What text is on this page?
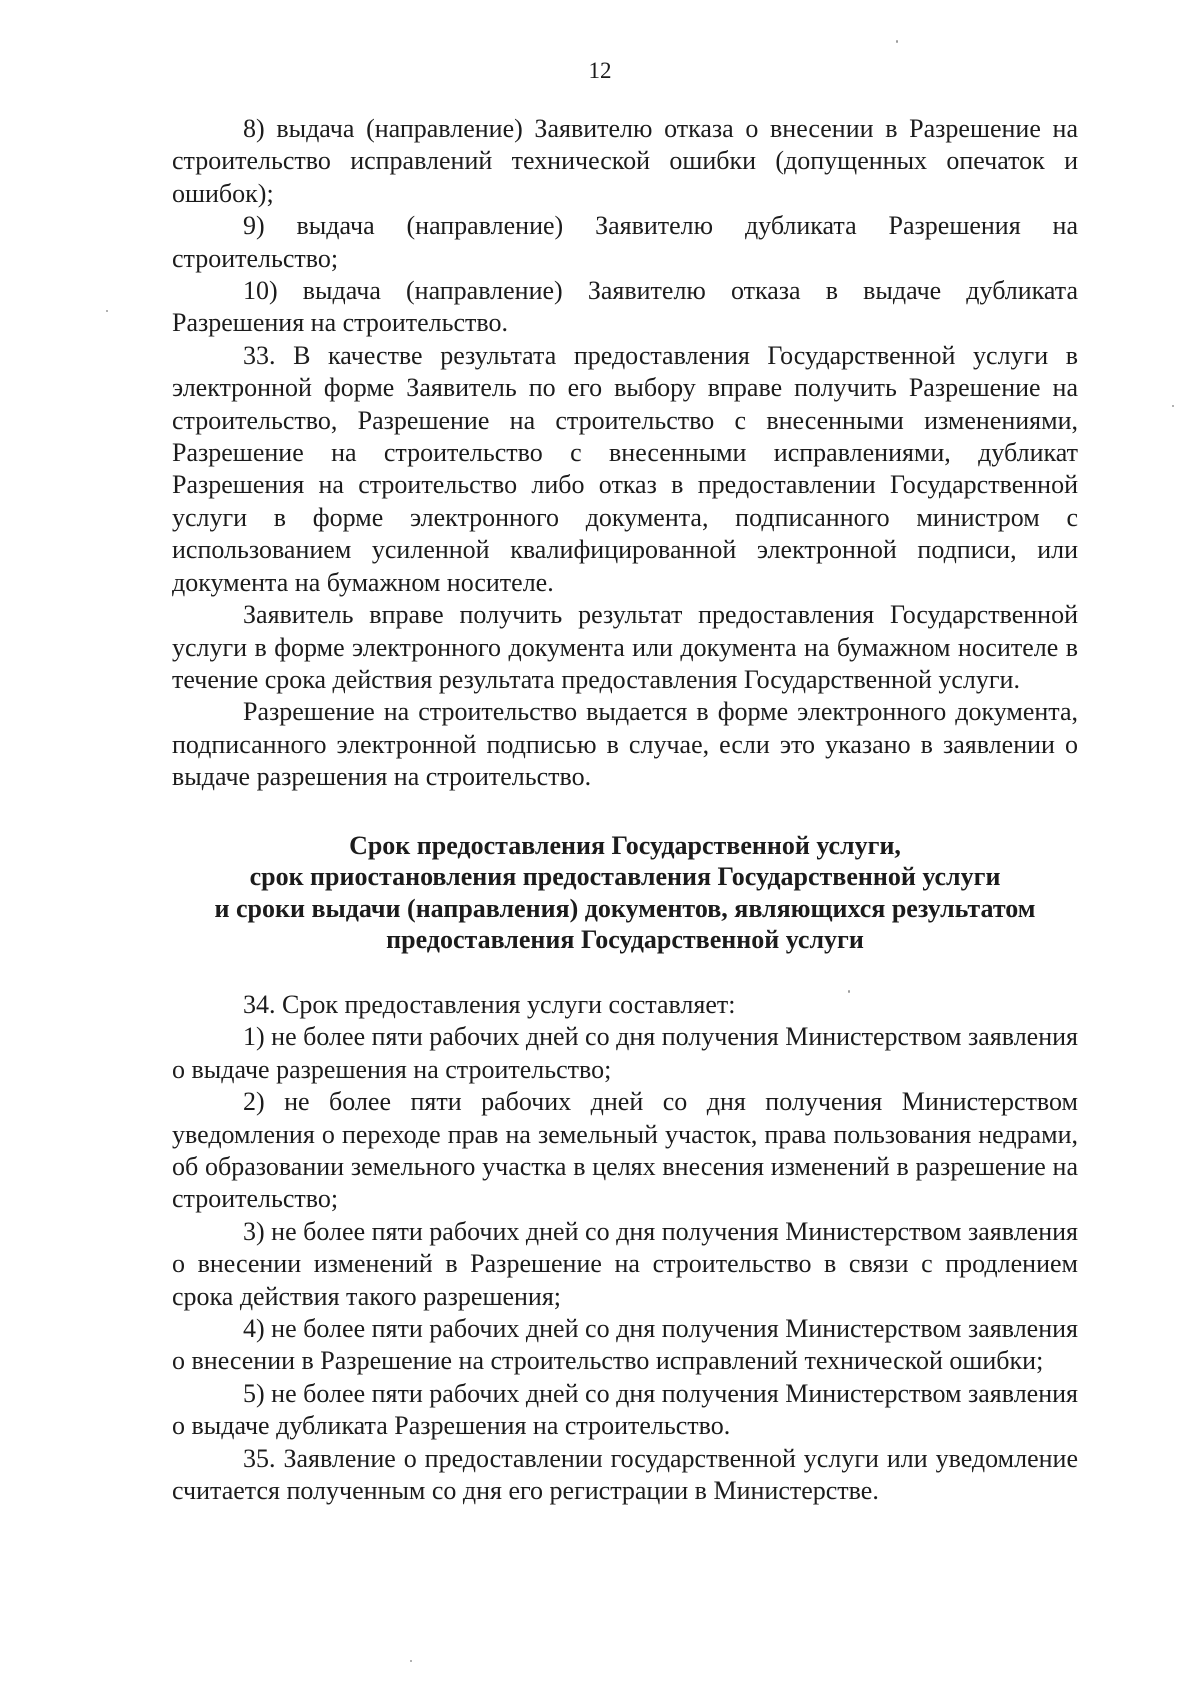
12

8) выдача (направление) Заявителю отказа о внесении в Разрешение на строительство исправлений технической ошибки (допущенных опечаток и ошибок);

9) выдача (направление) Заявителю дубликата Разрешения на строительство;

10) выдача (направление) Заявителю отказа в выдаче дубликата Разрешения на строительство.

33. В качестве результата предоставления Государственной услуги в электронной форме Заявитель по его выбору вправе получить Разрешение на строительство, Разрешение на строительство с внесенными изменениями, Разрешение на строительство с внесенными исправлениями, дубликат Разрешения на строительство либо отказ в предоставлении Государственной услуги в форме электронного документа, подписанного министром с использованием усиленной квалифицированной электронной подписи, или документа на бумажном носителе.

Заявитель вправе получить результат предоставления Государственной услуги в форме электронного документа или документа на бумажном носителе в течение срока действия результата предоставления Государственной услуги.

Разрешение на строительство выдается в форме электронного документа, подписанного электронной подписью в случае, если это указано в заявлении о выдаче разрешения на строительство.

Срок предоставления Государственной услуги,

срок приостановления предоставления Государственной услуги

и сроки выдачи (направления) документов, являющихся результатом

предоставления Государственной услуги

34. Срок предоставления услуги составляет:

1) не более пяти рабочих дней со дня получения Министерством заявления о выдаче разрешения на строительство;

2) не более пяти рабочих дней со дня получения Министерством уведомления о переходе прав на земельный участок, права пользования недрами, об образовании земельного участка в целях внесения изменений в разрешение на строительство;

3) не более пяти рабочих дней со дня получения Министерством заявления о внесении изменений в Разрешение на строительство в связи с продлением срока действия такого разрешения;

4) не более пяти рабочих дней со дня получения Министерством заявления о внесении в Разрешение на строительство исправлений технической ошибки;

5) не более пяти рабочих дней со дня получения Министерством заявления о выдаче дубликата Разрешения на строительство.

35. Заявление о предоставлении государственной услуги или уведомление считается полученным со дня его регистрации в Министерстве.
